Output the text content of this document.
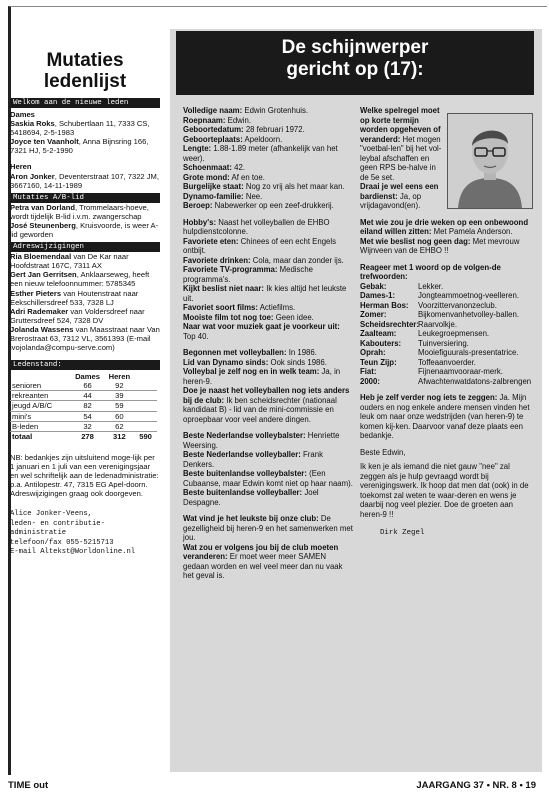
Mutaties
ledenlijst
Welkom aan de nieuwe leden
Dames
Saskia Roks, Schubertlaan 11, 7333 CS, 5418694, 2-5-1983
Joyce ten Vaanholt, Anna Bijnsring 166, 7321 HJ, 5-2-1990
Heren
Aron Jonker, Deventerstraat 107, 7322 JM, 3667160, 14-11-1989
Mutaties A/B-lid
Petra van Dorland, Trommelaars-hoeve, wordt tijdelijk B-lid i.v.m. zwangerschap
José Steunenberg, Kruisvoorde, is weer A-lid geworden
Adreswijzigingen
Ria Bloemendaal van De Kar naar Hoofdstraat 167C, 7311 AX
Gert Jan Gerritsen, Anklaarseweg, heeft een nieuw telefoonnummer: 5785345
Esther Pieters van Houtenstraat naar Eekschillersdreef 533, 7328 LJ
Adri Rademaker van Voldersdreef naar Gruttersdreef 524, 7328 DV
Jolanda Wassens van Maasstraat naar Van Brerostraat 63, 7312 VL, 3561393 (E-mail ivojolanda@compu-serve.com)
Ledenstand:
	Dames	Heren	
senioren	66	92	
rekreanten	44	39	
jeugd A/B/C	82	59	
mini's	54	60	
B-leden	32	62	
totaal	278	312	590
NB: bedankjes zijn uitsluitend moge-lijk per 1 januari en 1 juli van een verenigingsjaar en wel schriftelijk aan de ledenadministratie: p.a. Antilopestr. 47, 7315 EG Apel-doorn. Adreswijzigingen graag ook doorgeven.
Alice Jonker-Veens,
leden- en contributie-
administratie
telefoon/fax 055-5215713
E-mail Altekst@Worldonline.nl
De schijnwerper
gericht op (17):
Volledige naam: Edwin Grotenhuis.
Roepnaam: Edwin.
Geboortedatum: 28 februari 1972.
Geboorteplaats: Apeldoorn.
Lengte: 1.88-1.89 meter (afhankelijk van het weer).
Schoenmaat: 42.
Grote mond: Af en toe.
Burgelijke staat: Nog zo vrij als het maar kan.
Dynamo-familie: Nee.
Beroep: Nabewerker op een zeef-drukkerij.
Hobby's: Naast het volleyballen de EHBO hulpdienstcolonne.
Favoriete eten: Chinees of een echt Engels ontbijt.
Favoriete drinken: Cola, maar dan zonder ijs.
Favoriete TV-programma: Medische programma's.
Kijkt beslist niet naar: Ik kies altijd het leukste uit.
Favoriet soort films: Actiefilms.
Mooiste film tot nog toe: Geen idee.
Naar wat voor muziek gaat je voorkeur uit: Top 40.
Begonnen met volleyballen: In 1986.
Lid van Dynamo sinds: Ook sinds 1986.
Volleybal je zelf nog en in welk team: Ja, in heren-9.
Doe je naast het volleyballen nog iets anders bij de club: Ik ben scheidsrechter (nationaal kandidaat B) - lid van de mini-commissie en oproepbaar voor veel andere dingen.
Beste Nederlandse volleybalster: Henriette Weersing.
Beste Nederlandse volleyballer: Frank Denkers.
Beste buitenlandse volleybalster: (Een Cubaanse, maar Edwin komt niet op haar naam).
Beste buitenlandse volleyballer: Joel Despagne.
Wat vind je het leukste bij onze club: De gezelligheid bij heren-9 en het samenwerken met jou.
Wat zou er volgens jou bij de club moeten veranderen: Er moet weer meer SAMEN gedaan worden en wel veel meer dan nu vaak het geval is.
Welke spelregel moet op korte termijn worden opgeheven of veranderd: Het mogen "voetbal-len" bij het vol-leybal afschaffen en geen RPS be-halve in de 5e set.
Draai je wel eens een bardienst: Ja, op vrijdagavond(en).
Met wie zou je drie weken op een onbewoond eiland willen zitten: Met Pamela Anderson.
Met wie beslist nog geen dag: Met mevrouw Wijnveen van de EHBO !!
Reageer met 1 woord op de volgen-de trefwoorden:
Gebak:	Lekker.
Dames-1:	Jongteammoetnog-veelleren.
Herman Bos:	Voorzittervanonzeclub.
Zomer:	Bijkomenvanhetvolley-ballen.
Scheidsrechter: Raarvolkje.
Zaalteam:	Leukegroepmensen.
Kabouters:	Tuinversiering.
Oprah:	Mooiefiguurals-presentatrice.
Teun Zijp:	Toffeaanvoerder.
Fiat:	Fijnenaamvooraar-merk.
2000:	Afwachtenwatdatons-zalbrengen
Heb je zelf verder nog iets te zeggen: Ja. Mijn ouders en nog enkele andere mensen vinden het leuk om naar onze wedstrijden (van heren-9) te komen kij-ken. Daarvoor vanaf deze plaats een bedankje.
Beste Edwin,
Ik ken je als iemand die niet gauw "nee" zal zeggen als je hulp gevraagd wordt bij verenigingswerk. Ik hoop dat men dat (ook) in de toekomst zal weten te waar-deren en wens je daarbij nog veel plezier. Doe de groeten aan heren-9 !!
Dirk Zegel
TIME out	JAARGANG 37 • NR. 8 • 19
